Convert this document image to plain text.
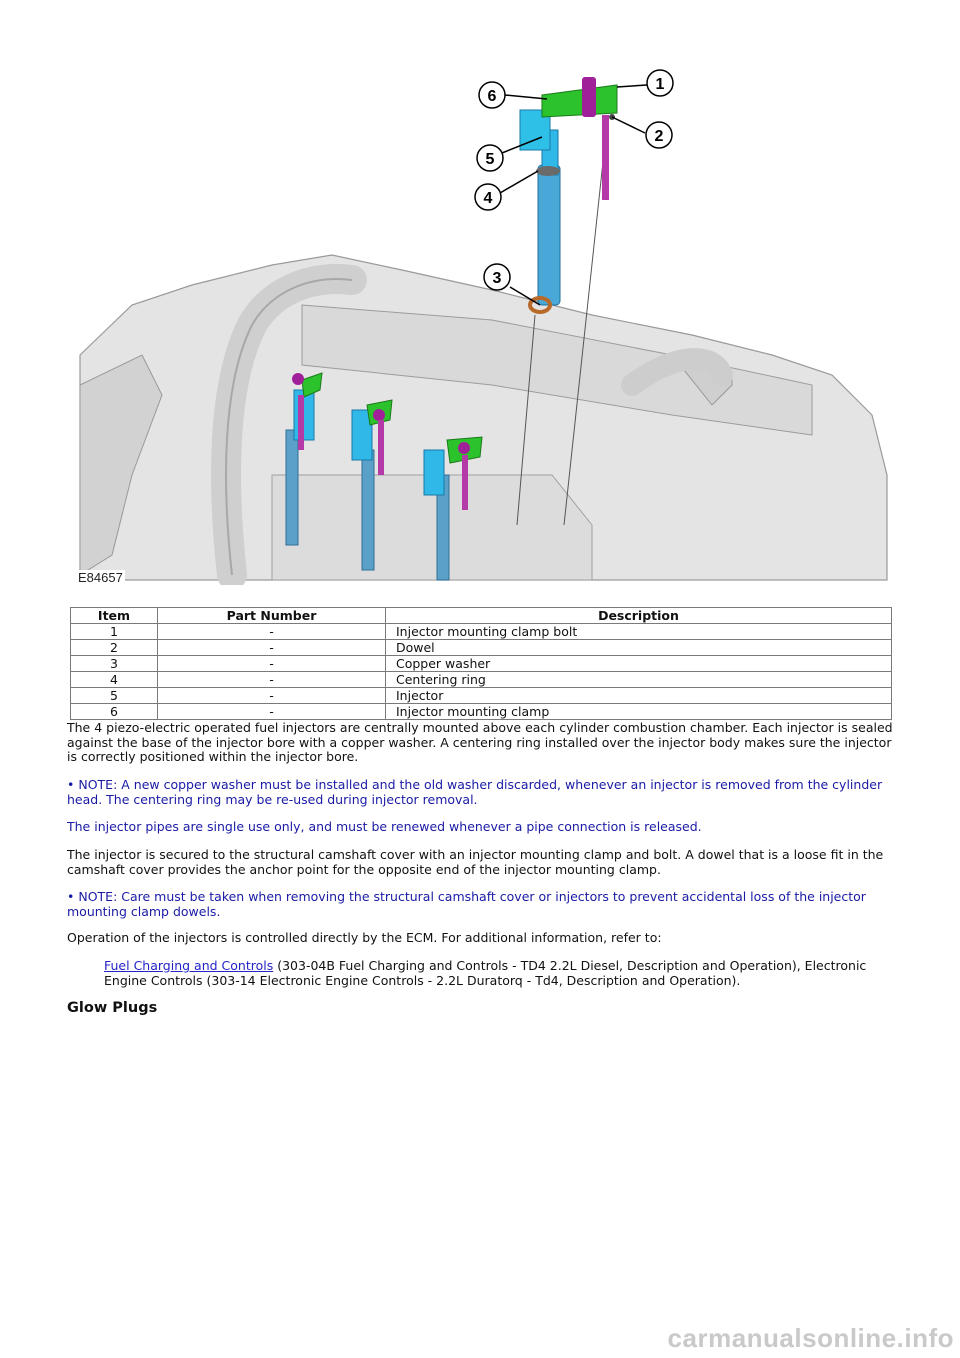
1
2
3
4
5
6
E84657
Item	Part Number	Description
1	-	Injector mounting clamp bolt
2	-	Dowel
3	-	Copper washer
4	-	Centering ring
5	-	Injector
6	-	Injector mounting clamp

The 4 piezo-electric operated fuel injectors are centrally mounted above each cylinder combustion chamber. Each injector is sealed against the base of the injector bore with a copper washer. A centering ring installed over the injector body makes sure the injector is correctly positioned within the injector bore.

• NOTE: A new copper washer must be installed and the old washer discarded, whenever an injector is removed from the cylinder head. The centering ring may be re-used during injector removal.

The injector pipes are single use only, and must be renewed whenever a pipe connection is released.

The injector is secured to the structural camshaft cover with an injector mounting clamp and bolt. A dowel that is a loose fit in the camshaft cover provides the anchor point for the opposite end of the injector mounting clamp.

• NOTE: Care must be taken when removing the structural camshaft cover or injectors to prevent accidental loss of the injector mounting clamp dowels.

Operation of the injectors is controlled directly by the ECM. For additional information, refer to:

Fuel Charging and Controls (303-04B Fuel Charging and Controls - TD4 2.2L Diesel, Description and Operation), Electronic Engine Controls (303-14 Electronic Engine Controls - 2.2L Duratorq - Td4, Description and Operation).

Glow Plugs
carmanualsonline.info
